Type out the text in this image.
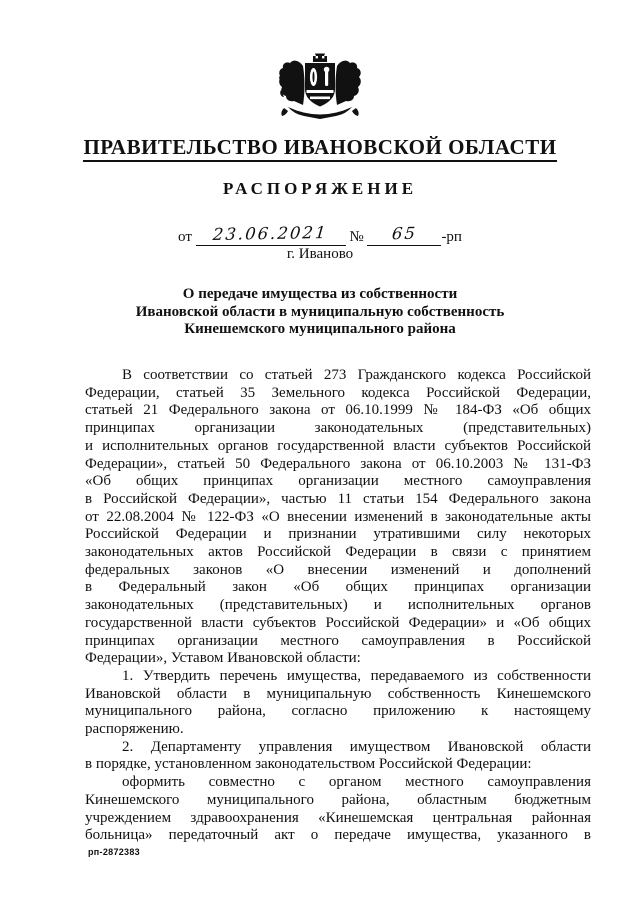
ПРАВИТЕЛЬСТВО ИВАНОВСКОЙ ОБЛАСТИ
РАСПОРЯЖЕНИЕ
от 23.06.2021 № 65 -рп
г. Иваново
О передаче имущества из собственности
Ивановской области в муниципальную собственность
Кинешемского муниципального района
В соответствии со статьей 273 Гражданского кодекса Российской
Федерации, статьей 35 Земельного кодекса Российской Федерации,
статьей 21 Федерального закона от 06.10.1999 № 184-ФЗ «Об общих
принципах организации законодательных (представительных)
и исполнительных органов государственной власти субъектов Российской
Федерации», статьей 50 Федерального закона от 06.10.2003 № 131-ФЗ
«Об общих принципах организации местного самоуправления
в Российской Федерации», частью 11 статьи 154 Федерального закона
от 22.08.2004 № 122-ФЗ «О внесении изменений в законодательные акты
Российской Федерации и признании утратившими силу некоторых
законодательных актов Российской Федерации в связи с принятием
федеральных законов «О внесении изменений и дополнений
в Федеральный закон «Об общих принципах организации
законодательных (представительных) и исполнительных органов
государственной власти субъектов Российской Федерации» и «Об общих
принципах организации местного самоуправления в Российской
Федерации», Уставом Ивановской области:
1. Утвердить перечень имущества, передаваемого из собственности
Ивановской области в муниципальную собственность Кинешемского
муниципального района, согласно приложению к настоящему
распоряжению.
2. Департаменту управления имуществом Ивановской области
в порядке, установленном законодательством Российской Федерации:
оформить совместно с органом местного самоуправления
Кинешемского муниципального района, областным бюджетным
учреждением здравоохранения «Кинешемская центральная районная
больница» передаточный акт о передаче имущества, указанного в
рп-2872383
